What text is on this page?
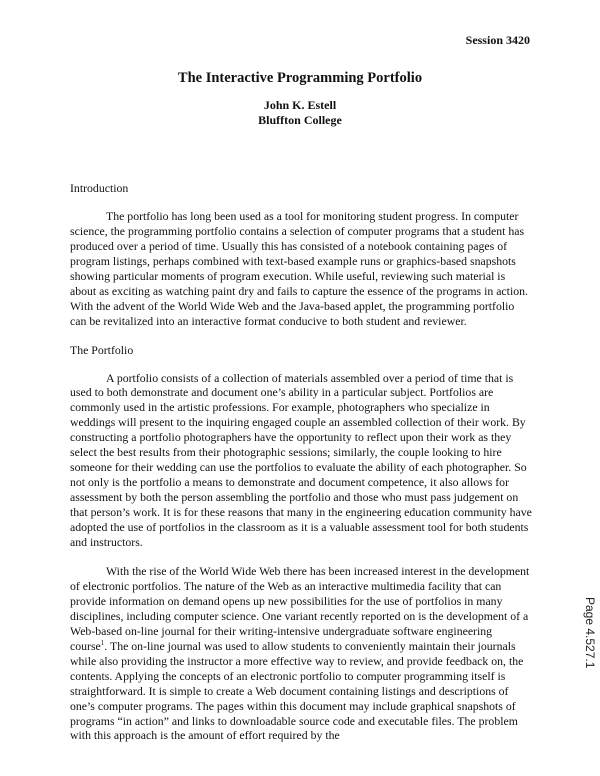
Session 3420

The Interactive Programming Portfolio
John K. Estell
Bluffton College

Introduction

The portfolio has long been used as a tool for monitoring student progress. In computer science, the programming portfolio contains a selection of computer programs that a student has produced over a period of time. Usually this has consisted of a notebook containing pages of program listings, perhaps combined with text-based example runs or graphics-based snapshots showing particular moments of program execution. While useful, reviewing such material is about as exciting as watching paint dry and fails to capture the essence of the programs in action. With the advent of the World Wide Web and the Java-based applet, the programming portfolio can be revitalized into an interactive format conducive to both student and reviewer.

The Portfolio

A portfolio consists of a collection of materials assembled over a period of time that is used to both demonstrate and document one’s ability in a particular subject. Portfolios are commonly used in the artistic professions. For example, photographers who specialize in weddings will present to the inquiring engaged couple an assembled collection of their work. By constructing a portfolio photographers have the opportunity to reflect upon their work as they select the best results from their photographic sessions; similarly, the couple looking to hire someone for their wedding can use the portfolios to evaluate the ability of each photographer. So not only is the portfolio a means to demonstrate and document competence, it also allows for assessment by both the person assembling the portfolio and those who must pass judgement on that person’s work. It is for these reasons that many in the engineering education community have adopted the use of portfolios in the classroom as it is a valuable assessment tool for both students and instructors.

With the rise of the World Wide Web there has been increased interest in the development of electronic portfolios. The nature of the Web as an interactive multimedia facility that can provide information on demand opens up new possibilities for the use of portfolios in many disciplines, including computer science. One variant recently reported on is the development of a Web-based on-line journal for their writing-intensive undergraduate software engineering course$^1$. The on-line journal was used to allow students to conveniently maintain their journals while also providing the instructor a more effective way to review, and provide feedback on, the contents. Applying the concepts of an electronic portfolio to computer programming itself is straightforward. It is simple to create a Web document containing listings and descriptions of one’s computer programs. The pages within this document may include graphical snapshots of programs “in action” and links to downloadable source code and executable files. The problem with this approach is the amount of effort required by the

Page 4.527.1
